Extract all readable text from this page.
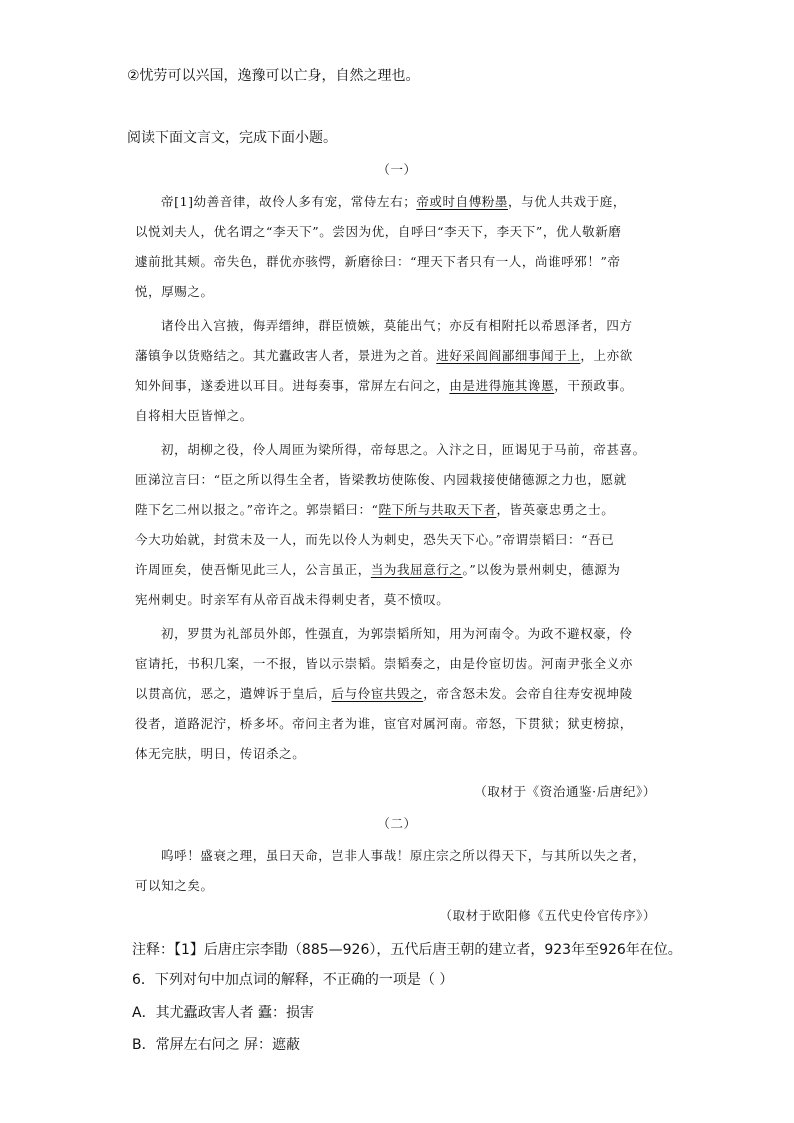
②忧劳可以兴国，逸豫可以亡身，自然之理也。
阅读下面文言文，完成下面小题。
（一）
帝[1]幼善音律，故伶人多有宠，常侍左右；帝或时自傅粉墨，与优人共戏于庭，
以悦刘夫人，优名谓之“李天下”。尝因为优，自呼曰“李天下，李天下”，优人敬新磨
遽前批其颊。帝失色，群优亦骇愕，新磨徐曰：“理天下者只有一人，尚谁呼邪！”帝
悦，厚赐之。
诸伶出入宫掖，侮弄缙绅，群臣愤嫉，莫能出气；亦反有相附托以希恩泽者，四方
藩镇争以货赂结之。其尤蠹政害人者，景进为之首。进好采闾阎鄙细事闻于上，上亦欲
知外间事，遂委进以耳目。进每奏事，常屏左右问之，由是进得施其谗慝，干预政事。
自将相大臣皆惮之。
初，胡柳之役，伶人周匝为梁所得，帝每思之。入汴之日，匝谒见于马前，帝甚喜。
匝涕泣言曰：“臣之所以得生全者，皆梁教坊使陈俊、内园栽接使储德源之力也，愿就
陛下乞二州以报之。”帝许之。郭崇韬曰：“陛下所与共取天下者，皆英豪忠勇之士。
今大功始就，封赏未及一人，而先以伶人为刺史，恐失天下心。”帝谓崇韬曰：“吾已
许周匝矣，使吾惭见此三人，公言虽正，当为我屈意行之。”以俊为景州刺史，德源为
宪州刺史。时亲军有从帝百战未得刺史者，莫不愤叹。
初，罗贯为礼部员外郎，性强直，为郭崇韬所知，用为河南令。为政不避权豪，伶
宦请托，书积几案，一不报，皆以示崇韬。崇韬奏之，由是伶宦切齿。河南尹张全义亦
以贯高伉，恶之，遣婢诉于皇后，后与伶宦共毁之，帝含怒未发。会帝自往寿安视坤陵
役者，道路泥泞，桥多坏。帝问主者为谁，宦官对属河南。帝怒，下贯狱；狱吏榜掠，
体无完肤，明日，传诏杀之。
（取材于《资治通鉴·后唐纪》）
（二）
呜呼！盛衰之理，虽曰天命，岂非人事哉！原庄宗之所以得天下，与其所以失之者，
可以知之矣。
（取材于欧阳修《五代史伶官传序》）
注释：【1】后唐庄宗李勖（885—926），五代后唐王朝的建立者，923年至926年在位。
6．下列对句中加点词的解释，不正确的一项是（ ）
A．其尤蠹政害人者 蠹：损害
B．常屏左右问之 屏：遮蔽
